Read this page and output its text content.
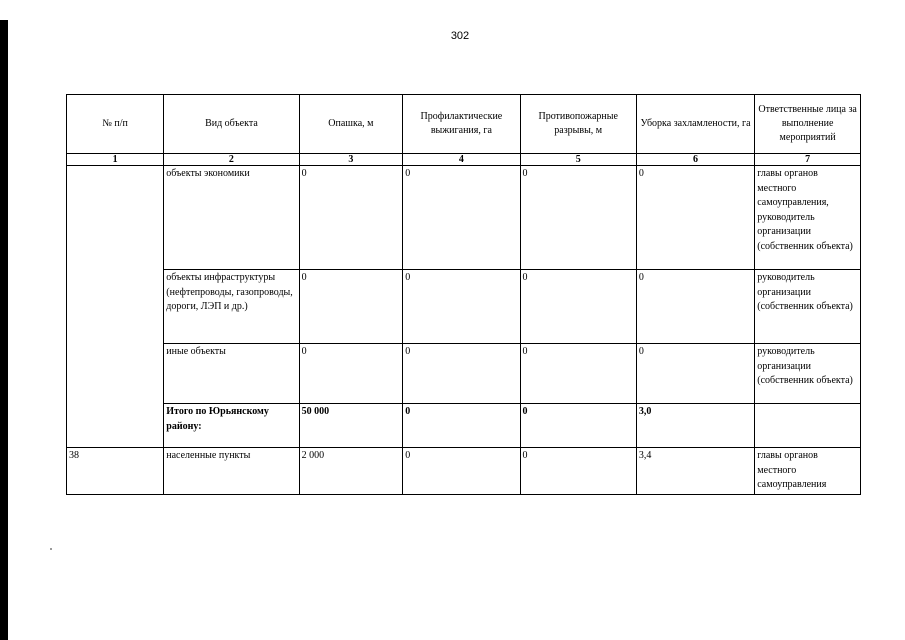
302
№ п/п	Вид объекта	Опашка, м	Профилактические выжигания, га	Противопожарные разрывы, м	Уборка захламлености, га	Ответственные лица за выполнение мероприятий
1	2	3	4	5	6	7
	объекты экономики	0	0	0	0	главы органов местного самоуправления, руководитель организации (собственник объекта)
	объекты инфраструктуры (нефтепроводы, газопроводы, дороги, ЛЭП и др.)	0	0	0	0	руководитель организации (собственник объекта)
	иные объекты	0	0	0	0	руководитель организации (собственник объекта)
	Итого по Юрьянскому району:	50 000	0	0	3,0	
38	населенные пункты	2 000	0	0	3,4	главы органов местного самоуправления
